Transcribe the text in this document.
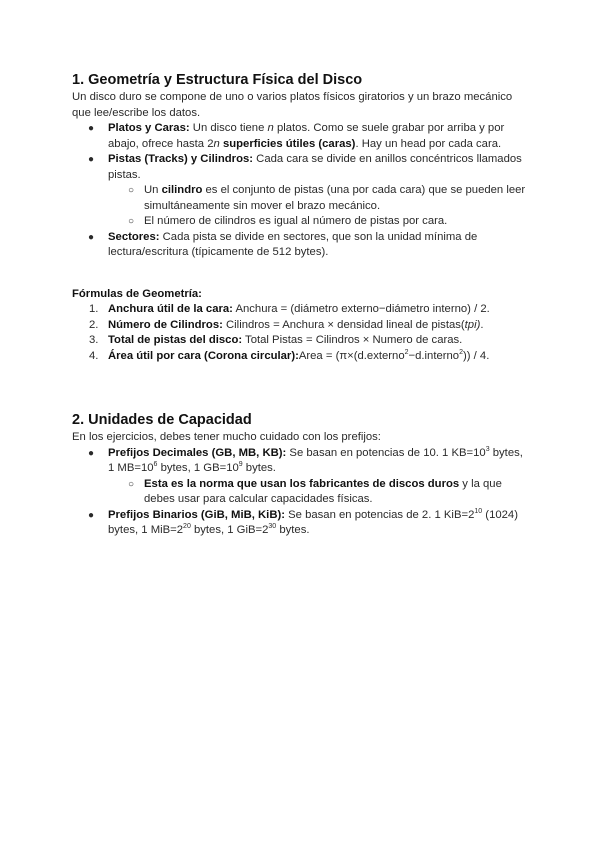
1. Geometría y Estructura Física del Disco

Un disco duro se compone de uno o varios platos físicos giratorios y un brazo mecánico que lee/escribe los datos.

● Platos y Caras: Un disco tiene n platos. Como se suele grabar por arriba y por abajo, ofrece hasta 2n superficies útiles (caras). Hay un head por cada cara.
● Pistas (Tracks) y Cilindros: Cada cara se divide en anillos concéntricos llamados pistas.
○ Un cilindro es el conjunto de pistas (una por cada cara) que se pueden leer simultáneamente sin mover el brazo mecánico.
○ El número de cilindros es igual al número de pistas por cara.
● Sectores: Cada pista se divide en sectores, que son la unidad mínima de lectura/escritura (típicamente de 512 bytes).

Fórmulas de Geometría:

1. Anchura útil de la cara: Anchura = (diámetro externo−diámetro interno) / 2.
2. Número de Cilindros: Cilindros = Anchura × densidad lineal de pistas(tpi).
3. Total de pistas del disco: Total Pistas = Cilindros × Numero de caras.
4. Área útil por cara (Corona circular):Area = (π×(d.externo$^2$−d.interno$^2$)) / 4.
2. Unidades de Capacidad

En los ejercicios, debes tener mucho cuidado con los prefijos:

● Prefijos Decimales (GB, MB, KB): Se basan en potencias de 10. 1 $KB=10^3$ bytes, 1 $MB=10^6$ bytes, 1 $GB=10^9$ bytes.
○ Esta es la norma que usan los fabricantes de discos duros y la que debes usar para calcular capacidades físicas.
● Prefijos Binarios (GiB, MiB, KiB): Se basan en potencias de 2. 1 $KiB=2^{10}$ (1024) bytes, 1 $MiB=2^{20}$ bytes, 1 $GiB=2^{30}$ bytes.
